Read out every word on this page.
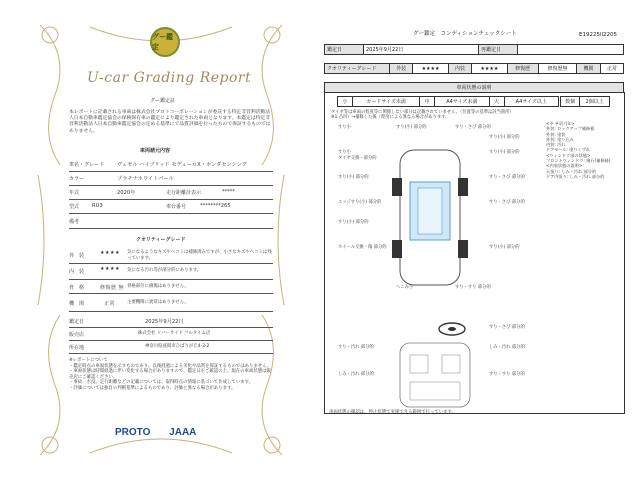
グー鑑定
U-car Grading Report
グー鑑定証
本レポートに記載される車両は株式会社プロトコーポレーションが委託する特定非営利活動法人日本自動車鑑定協会の保険保有車の鑑定により鑑定された車両となります。本鑑定は特定非営利活動法人日本自動車鑑定協会の定める基準にて品質評価を行ったもので保証するものではありません。
車両諸元内容
車名・グレード ヴェゼル ハイブリッド モデューロX・ホンダセンシング
カラー	プラチナホワイトパール
年式	2020年	走行距離計表示	*****
型式 RU3	車台番号	********265
備考
クオリティーグレード
外　装	★★★★ 気になるようなキズやヘコミは補修済みですが、小さなキズやヘコミは残っています。
内　装	★★★★ 気になる汚れ等が部分的にあります。
骨　格	修復歴 無 骨格部位に損傷はありません。
機　関	正常	主要機関に異常はありません。
鑑定日	2025年9月22日
販売店	株式会社 リバーサイド フルタイム店
所在地	神奈川県座間市ひばりが丘4-3-2
※レポートについて
・鑑定時点の車両状態を示すものであり、以後経過による劣化や品質を保証するものではありません。
・車両状態は時間経過に伴い変化する場合がありますので、鑑定日をご確認の上、現在の車両状態は販売店にご確認ください。
・事故、水没、走行距離などの記載については、取得時点の情報に基づいて作成しています。
・評価については独自の判断基準によるものであり、評価と異なる場合があります。
PROTO JAAA
グー鑑定　コンディションチェックシート	E19225ll2205
鑑定日	2025年9月22日	再鑑定日	
クオリティーグレード	外装	★★★★	内装	★★★★	修復歴	修復歴無	機関	正常
車両状態の説明
小	カードサイズ未満	中	A4サイズ未満	大	A4サイズ以上	数個	2個以上
タイヤ等は車両の程度等に関係しない部分は記載されていません。（位置等の基準は該当箇所）
※1 凸凹）→補修した後（程度による異なる場合があります。
すり小	すり(小) 部分的	すり・さび 部分的
すり(小) 部分的
すり小
タイヤ交換 - 部分的
すり(小) 部分的
すり・さび 部分的
すり(小) 部分的
エッジすり(小) 部分的	すり・さび 部分的
すり(小) 部分的
ホイール交換・傷 部分的	すり(小) 部分的
へこみ小	すり・すり 部分的
すり・さび 部分的
すり・汚れ 部分的	しみ・汚れ 部分的
しみ・汚れ 部分的	すり・すり 部分的
<주 부위기호>
外装: ロックアップ補修板
外装: 塗装
外装: 塗り込み
内装: 汚れ
ドアモール: 塗りくずれ
<ウィンドウ部の状態>
フロントウィンドウ: 飛石(補修跡)
<内装状態の説明>
天張り: しみ・汚れ 部分的
ドア内張り: しみ・汚れ 部分的
車両状態の確認は、停止状態で実施できる範囲で行っています。
